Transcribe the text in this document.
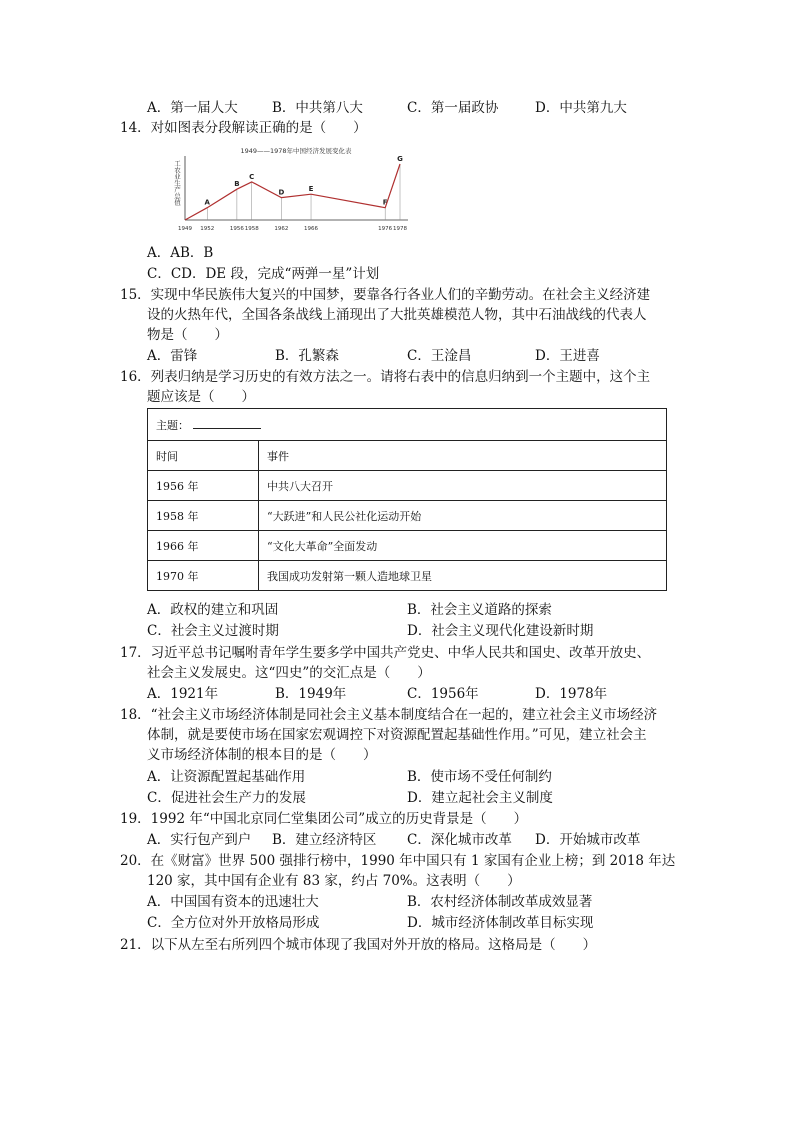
A．第一届人大	B．中共第八大	C．第一届政协	D．中共第九大
14．对如图表分段解读正确的是（　　）
1949——1978年中国经济发展变化表
工农业生产总值	A
B
C
D	E
F
G
1949 1952	1956 1958	1962	1966	1976 1978
A．AB．B
C．CD．DE 段，完成“两弹一星”计划
15．实现中华民族伟大复兴的中国梦，要靠各行各业人们的辛勤劳动。在社会主义经济建
设的火热年代，全国各条战线上涌现出了大批英雄模范人物，其中石油战线的代表人
物是（　　）
A．雷锋	B．孔繁森	C．王淦昌	D．王进喜
16．列表归纳是学习历史的有效方法之一。请将右表中的信息归纳到一个主题中，这个主
题应该是（　　）
主题：	
时间	事件
1956 年	中共八大召开
1958 年	“大跃进”和人民公社化运动开始
1966 年	“文化大革命”全面发动
1970 年	我国成功发射第一颗人造地球卫星
A．政权的建立和巩固	B．社会主义道路的探索
C．社会主义过渡时期	D．社会主义现代化建设新时期
17．习近平总书记嘱咐青年学生要多学中国共产党史、中华人民共和国史、改革开放史、
社会主义发展史。这“四史”的交汇点是（　　）
A．1921年	B．1949年	C．1956年	D．1978年
18．“社会主义市场经济体制是同社会主义基本制度结合在一起的，建立社会主义市场经济
体制，就是要使市场在国家宏观调控下对资源配置起基础性作用。”可见，建立社会主
义市场经济体制的根本目的是（　　）
A．让资源配置起基础作用	B．使市场不受任何制约
C．促进社会生产力的发展	D．建立起社会主义制度
19．1992 年“中国北京同仁堂集团公司”成立的历史背景是（　　）
A．实行包产到户 B．建立经济特区 C．深化城市改革 D．开始城市改革
20．在《财富》世界 500 强排行榜中，1990 年中国只有 1 家国有企业上榜；到 2018 年达
120 家，其中国有企业有 83 家，约占 70%。这表明（　　）
A．中国国有资本的迅速壮大	B．农村经济体制改革成效显著
C．全方位对外开放格局形成	D．城市经济体制改革目标实现
21．以下从左至右所列四个城市体现了我国对外开放的格局。这格局是（　　）
